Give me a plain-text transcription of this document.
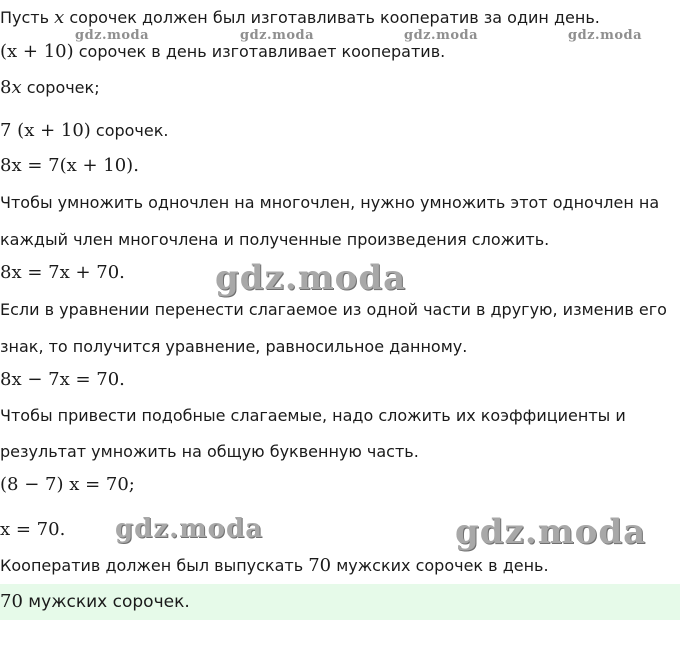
Пусть x сорочек должен был изготавливать кооператив за один день.
(x + 10) сорочек в день изготавливает кооператив.
8x сорочек;
7 (x + 10) сорочек.
8x = 7(x + 10).
Чтобы умножить одночлен на многочлен, нужно умножить этот одночлен на
каждый член многочлена и полученные произведения сложить.
8x = 7x + 70.
Если в уравнении перенести слагаемое из одной части в другую, изменив его
знак, то получится уравнение, равносильное данному.
8x − 7x = 70.
Чтобы привести подобные слагаемые, надо сложить их коэффициенты и
результат умножить на общую буквенную часть.
(8 − 7) x = 70;
x = 70.
Кооператив должен был выпускать 70 мужских сорочек в день.
70 мужских сорочек.
gdz.moda	gdz.moda	gdz.moda	gdz.moda
gdz.moda
gdz.moda	gdz.moda
